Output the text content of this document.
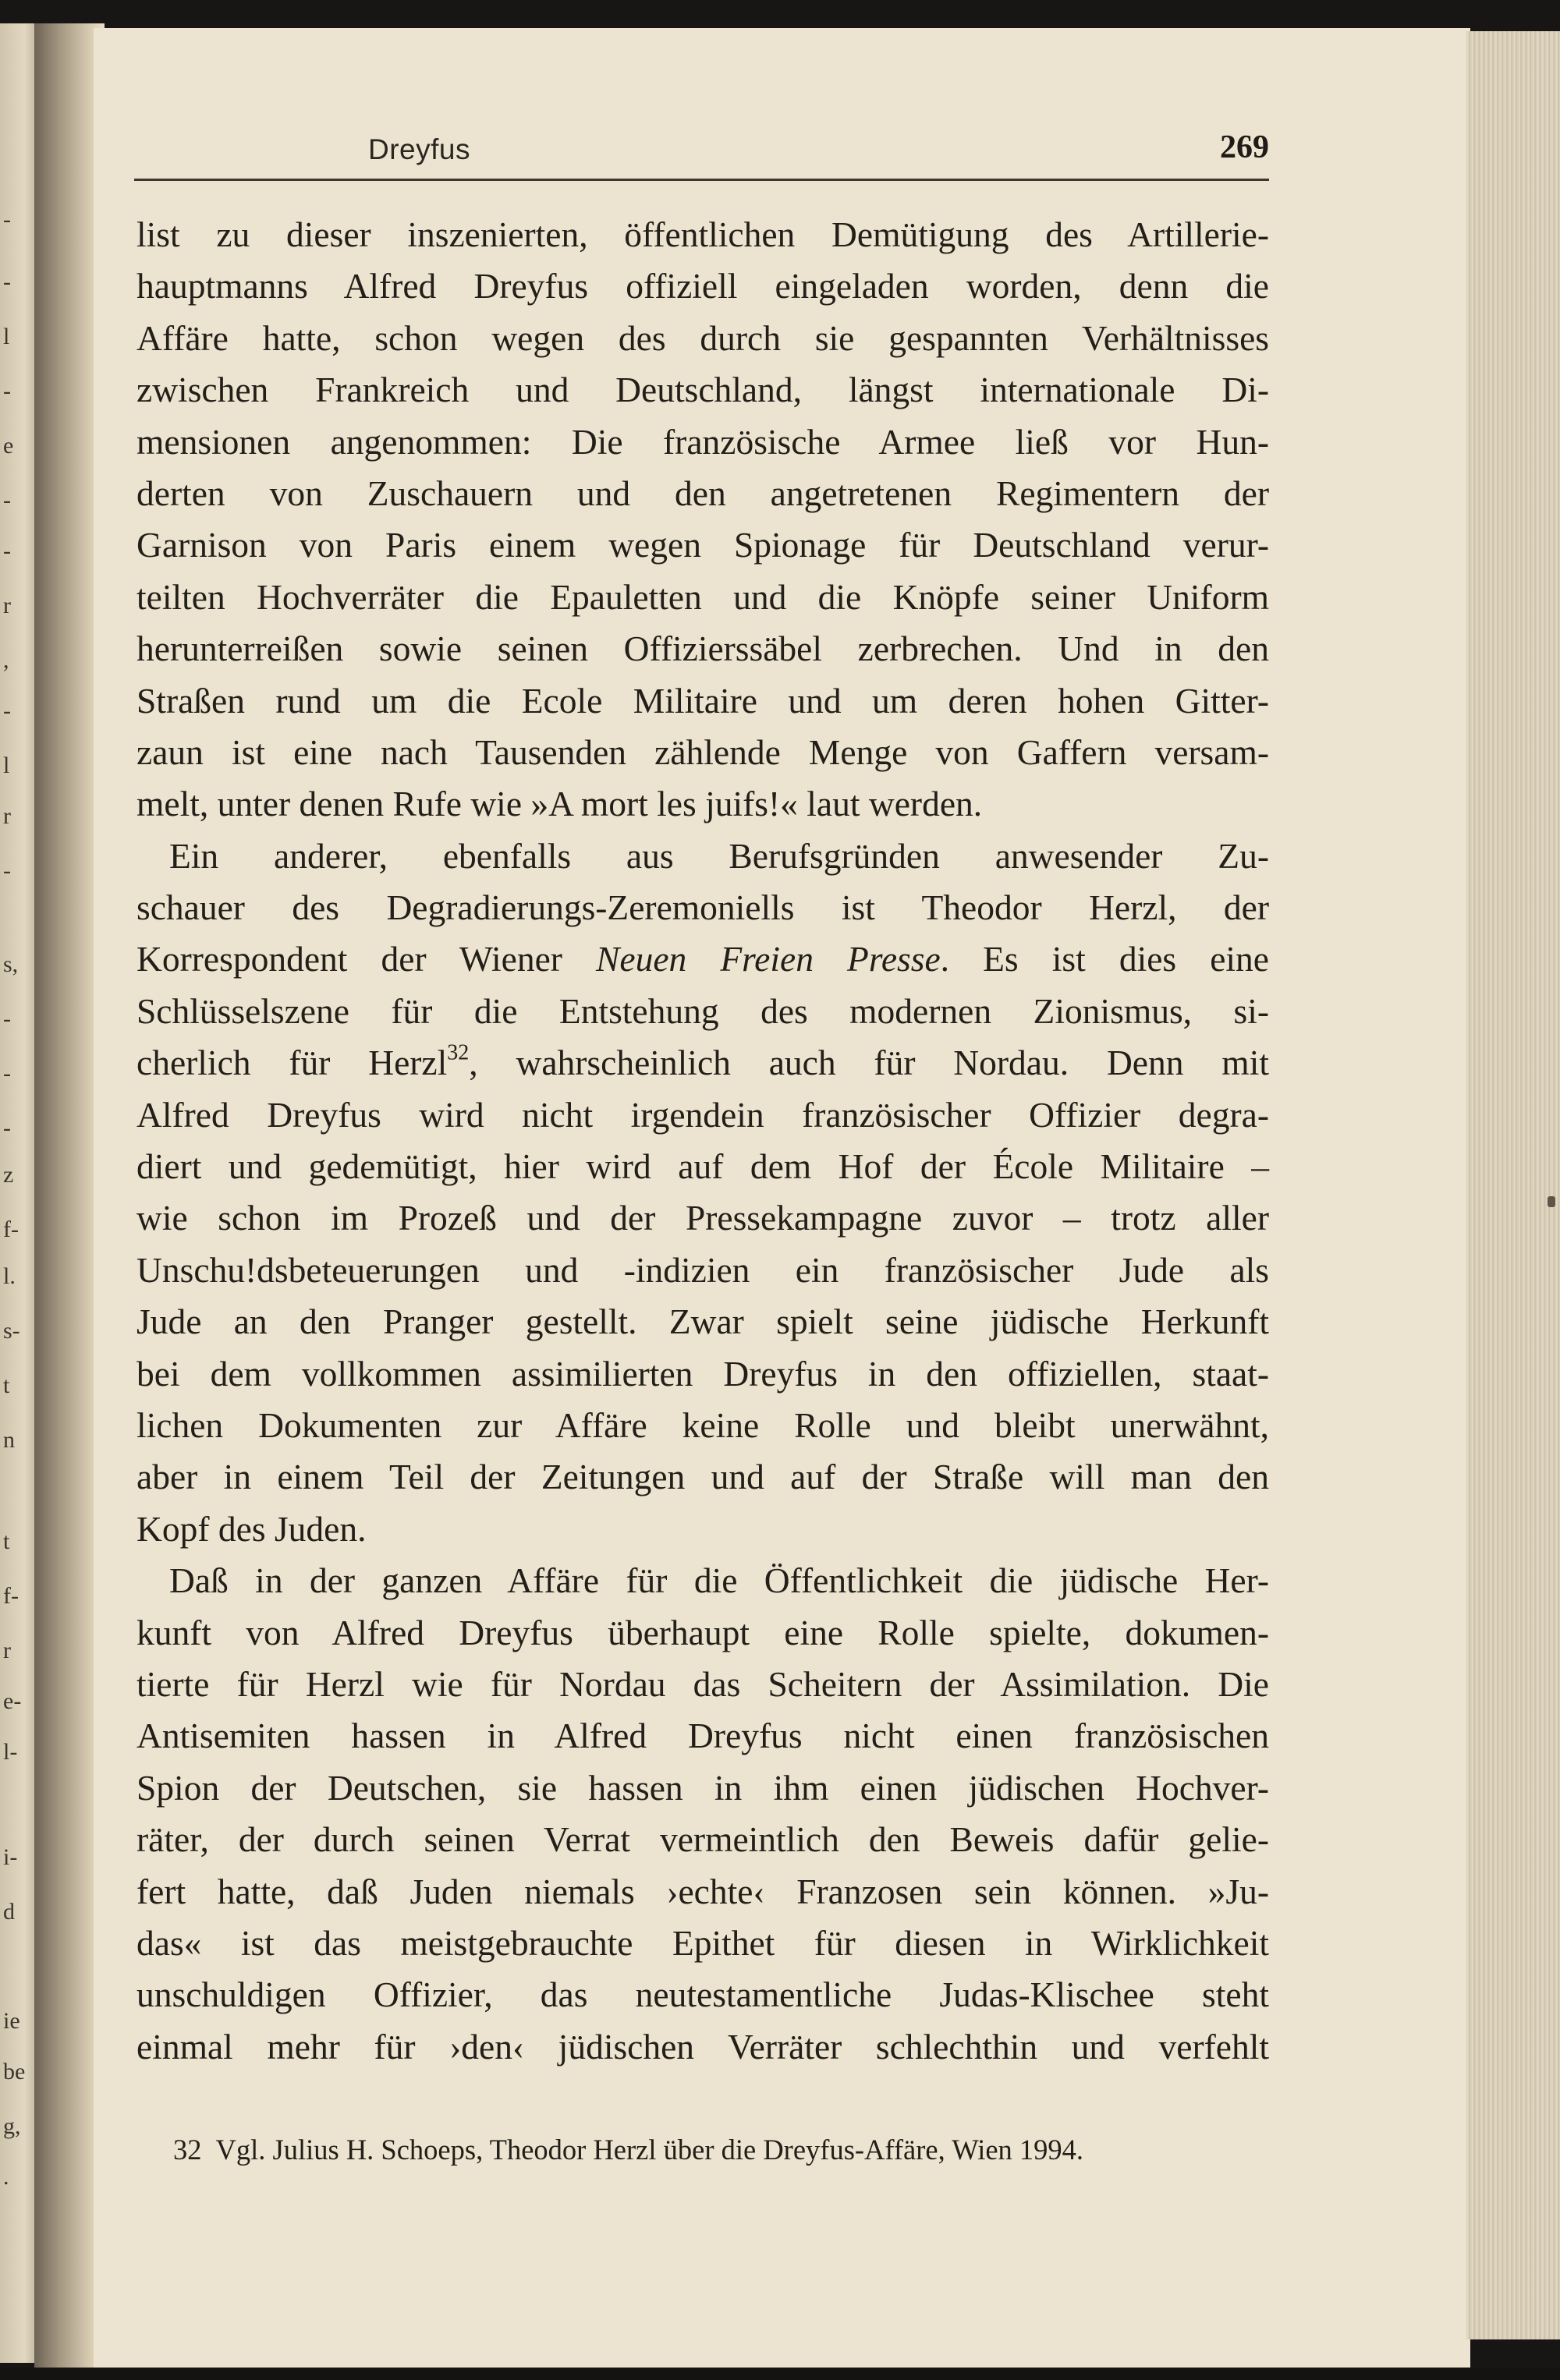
-
-
l
-
e
-
-
r
,
-
l
r
-
s,
-
-
-
z
f-
l.
s-
t
n
t
f-
r
e-
l-
i-
d
ie
be
g,
.
Dreyfus	269
list zu dieser inszenierten, öffentlichen Demütigung des Artillerie-
hauptmanns Alfred Dreyfus offiziell eingeladen worden, denn die
Affäre hatte, schon wegen des durch sie gespannten Verhältnisses
zwischen Frankreich und Deutschland, längst internationale Di-
mensionen angenommen: Die französische Armee ließ vor Hun-
derten von Zuschauern und den angetretenen Regimentern der
Garnison von Paris einem wegen Spionage für Deutschland verur-
teilten Hochverräter die Epauletten und die Knöpfe seiner Uniform
herunterreißen sowie seinen Offizierssäbel zerbrechen. Und in den
Straßen rund um die Ecole Militaire und um deren hohen Gitter-
zaun ist eine nach Tausenden zählende Menge von Gaffern versam-
melt, unter denen Rufe wie »A mort les juifs!« laut werden.
Ein anderer, ebenfalls aus Berufsgründen anwesender Zu-
schauer des Degradierungs-Zeremoniells ist Theodor Herzl, der
Korrespondent der Wiener Neuen Freien Presse. Es ist dies eine
Schlüsselszene für die Entstehung des modernen Zionismus, si-
cherlich für Herzl$^{32}$, wahrscheinlich auch für Nordau. Denn mit
Alfred Dreyfus wird nicht irgendein französischer Offizier degra-
diert und gedemütigt, hier wird auf dem Hof der École Militaire –
wie schon im Prozeß und der Pressekampagne zuvor – trotz aller
Unschu!dsbeteuerungen und -indizien ein französischer Jude als
Jude an den Pranger gestellt. Zwar spielt seine jüdische Herkunft
bei dem vollkommen assimilierten Dreyfus in den offiziellen, staat-
lichen Dokumenten zur Affäre keine Rolle und bleibt unerwähnt,
aber in einem Teil der Zeitungen und auf der Straße will man den
Kopf des Juden.
Daß in der ganzen Affäre für die Öffentlichkeit die jüdische Her-
kunft von Alfred Dreyfus überhaupt eine Rolle spielte, dokumen-
tierte für Herzl wie für Nordau das Scheitern der Assimilation. Die
Antisemiten hassen in Alfred Dreyfus nicht einen französischen
Spion der Deutschen, sie hassen in ihm einen jüdischen Hochver-
räter, der durch seinen Verrat vermeintlich den Beweis dafür gelie-
fert hatte, daß Juden niemals ›echte‹ Franzosen sein können. »Ju-
das« ist das meistgebrauchte Epithet für diesen in Wirklichkeit
unschuldigen Offizier, das neutestamentliche Judas-Klischee steht
einmal mehr für ›den‹ jüdischen Verräter schlechthin und verfehlt
32 Vgl. Julius H. Schoeps, Theodor Herzl über die Dreyfus-Affäre, Wien 1994.
